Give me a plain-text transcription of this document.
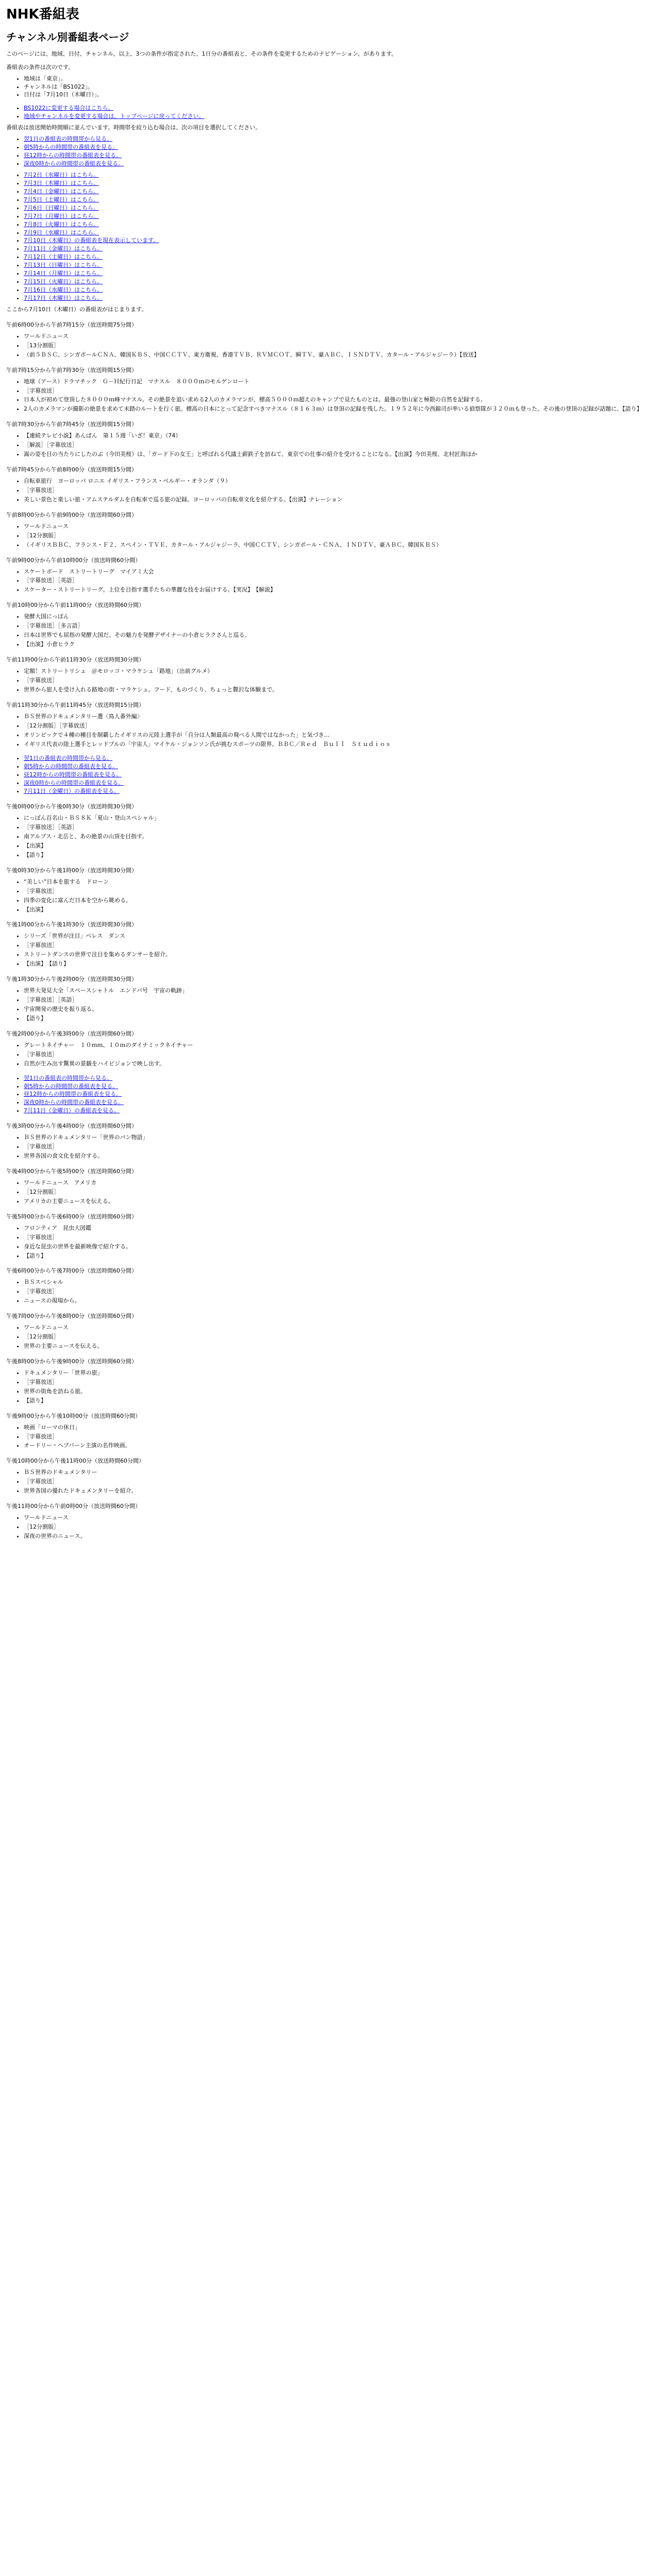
NHK番組表
チャンネル別番組表ページ

このページには、地域、日付、チャンネル、以上、3つの条件が指定された、1日分の番組表と、その条件を変更するためのナビゲーション、があります。

番組表の条件は次のです。

• 地域は「東京」。
• チャンネルは「BS1022」。
• 日付は「7月10日（木曜日）」。
• BS1022に変更する場合はこちら。
• 地域やチャンネルを変更する場合は、トップページに戻ってください。

番組表は放送開始時間順に並んでいます。時間帯を絞り込む場合は、次の項目を選択してください。

• 翌1日の番組表の時間帯から見る。
• 朝5時からの時間帯の番組表を見る。
• 昼12時からの時間帯の番組表を見る。
• 深夜0時からの時間帯の番組表を見る。
• 7月2日（水曜日）はこちら。
• 7月3日（木曜日）はこちら。
• 7月4日（金曜日）はこちら。
• 7月5日（土曜日）はこちら。
• 7月6日（日曜日）はこちら。
• 7月7日（月曜日）はこちら。
• 7月8日（火曜日）はこちら。
• 7月9日（水曜日）はこちら。
• 7月10日（木曜日）の番組表を現在表示しています。
• 7月11日（金曜日）はこちら。
• 7月12日（土曜日）はこちら。
• 7月13日（日曜日）はこちら。
• 7月14日（月曜日）はこちら。
• 7月15日（火曜日）はこちら。
• 7月16日（水曜日）はこちら。
• 7月17日（木曜日）はこちら。

ここから7月10日（木曜日）の番組表がはじまります。

午前6時00分から午前7時15分（放送時間75分間）

• ワールドニュース
• ［13分割版］
• （前５ＢＳＣ、シンガポールＣＮＡ、韓国ＫＢＳ、中国ＣＣＴＶ、東方衛視、香港ＴＶＢ、ＲＶＭＣＯＴ、瞬ＴＶ、豪ＡＢＣ、ＩＳＮＤＴＶ、カタール・アルジャジーラ）【放送】

午前7時15分から午前7時30分（放送時間15分間）

• 地球（アース）ドラマチック　Ｇ－Ｈ紀行日記　マナスル　８０００ｍのモルゲンロート
• ［字幕放送］
• 日本人が初めて登頂した８０００ｍ峰マナスル。その絶景を追い求める2人のカメラマンが、標高５０００ｍ超えのキャンプで見たものとは。最強の登山家と極限の自然を記録する。
• 2人のカメラマンが撮影の絶景を求めて未踏のルートを行く旅。標高の日本にとって記念すべきマナスル（８１６３ｍ）は登頂の記録を残した。１９５２年に今西錦司が率いる偵察隊が３２０ｍも登った。その後の登頂の記録が話題に。【語り】

午前7時30分から午前7時45分（放送時間15分間）

• 【連続テレビ小説】あんぱん　第１５週「いざ！東京」（74）
• ［解説］［字幕放送］
• 嵩の姿を目の当たりにしたのぶ（今田美桜）は、「ガード下の女王」と呼ばれる代議士薪鉄子を訪ねて、東京での仕事の紹介を受けることになる。【出演】今田美桜、北村匠海ほか

午前7時45分から午前8時00分（放送時間15分間）

• 自転車旅行　ヨーロッパ ロニエ イギリス・フランス・ベルギー・オランダ（９）
• ［字幕放送］
• 美しい景色と楽しい旅・アムステルダムを自転車で巡る旅の記録。ヨーロッパの自転車文化を紹介する。【出演】ナレーション

午前8時00分から午前9時00分（放送時間60分間）

• ワールドニュース
• ［12分割版］
• （イギリスＢＢＣ、フランス・Ｆ２、スペイン・ＴＶＥ、カタール・アルジャジーラ、中国ＣＣＴＶ、シンガポール・ＣＮＡ、ＩＮＤＴＶ、豪ＡＢＣ、韓国ＫＢＳ）

午前9時00分から午前10時00分（放送時間60分間）

• スケートボード　ストリートリーグ　マイアミ大会
• ［字幕放送］［英語］
• スケーター・ストリートリーグ。上位を目指す選手たちの華麗な技をお届けする。【実況】　【解説】

午前10時00分から午前11時00分（放送時間60分間）

• 発酵大国にっぽん
• ［字幕放送］［多言語］
• 日本は世界でも屈指の発酵大国だ。その魅力を発酵デザイナーの小倉ヒラクさんと巡る。
• 【出演】小倉ヒラク

午前11時00分から午前11時30分（放送時間30分間）

• 定額！ストリートリシュ　＠モロッコ・マラケシュ「路地」（出前グルメ）
• ［字幕放送］
• 世界から旅人を受け入れる路地の街・マラケシュ。フード、ものづくり、ちょっと贅沢な体験まで。

午前11時30分から午前11時45分（放送時間15分間）

• ＢＳ世界のドキュメンタリー選〈鳥人番外編〉
• ［12分割版］［字幕放送］
• オリンピックで４種の種目を制覇したイギリスの元陸上選手が「自分は人類最高の飛べる人間ではなかった」と気づき…
• イギリス代表の陸上選手とレッドブルの「宇宙人」マイケル・ジョンソン氏が挑むスポーツの限界。ＢＢＣ／Ｒｅｄ　Ｂｕｌｌ　Ｓｔｕｄｉｏｓ
• 翌1日の番組表の時間帯から見る。
• 朝5時からの時間帯の番組表を見る。
• 昼12時からの時間帯の番組表を見る。
• 深夜0時からの時間帯の番組表を見る。
• 7月11日（金曜日）の番組表を見る。

午後0時00分から午後0時30分（放送時間30分間）

• にっぽん百名山・ＢＳ８Ｋ「夏山・登山スペシャル」
• ［字幕放送］［英語］
• 南アルプス・北岳と、あの絶景の山頂を目指す。
• 【出演】
• 【語り】

午後0時30分から午後1時00分（放送時間30分間）

• “美しい”日本を旅する　ドローン
• ［字幕放送］
• 四季の変化に富んだ日本を空から眺める。
• 【出演】

午後1時00分から午後1時30分（放送時間30分間）

• シリーズ「世界が注目」ペレス　ダンス
• ［字幕放送］
• ストリートダンスの世界で注目を集めるダンサーを紹介。
• 【出演】　【語り】

午後1時30分から午後2時00分（放送時間30分間）

• 世界大発見大全「スペースシャトル　エンドバ号　宇宙の軌跡」
• ［字幕放送］［英語］
• 宇宙開発の歴史を振り返る。
• 【語り】

午後2時00分から午後3時00分（放送時間60分間）

• グレートネイチャー　１０ｍｍ、１０ｍのダイナミックネイチャー
• ［字幕放送］
• 自然が生み出す驚異の景観をハイビジョンで映し出す。
• 翌1日の番組表の時間帯から見る。
• 朝5時からの時間帯の番組表を見る。
• 昼12時からの時間帯の番組表を見る。
• 深夜0時からの時間帯の番組表を見る。
• 7月11日（金曜日）の番組表を見る。

午後3時00分から午後4時00分（放送時間60分間）

• ＢＳ世界のドキュメンタリー「世界のパン物語」
• ［字幕放送］
• 世界各国の食文化を紹介する。

午後4時00分から午後5時00分（放送時間60分間）

• ワールドニュース　アメリカ
• ［12分割版］
• アメリカの主要ニュースを伝える。

午後5時00分から午後6時00分（放送時間60分間）

• フロンティア　昆虫大図鑑
• ［字幕放送］
• 身近な昆虫の世界を最新映像で紹介する。
• 【語り】

午後6時00分から午後7時00分（放送時間60分間）

• ＢＳスペシャル
• ［字幕放送］
• ニュースの現場から。

午後7時00分から午後8時00分（放送時間60分間）

• ワールドニュース
• ［12分割版］
• 世界の主要ニュースを伝える。

午後8時00分から午後9時00分（放送時間60分間）

• ドキュメンタリー「世界の旅」
• ［字幕放送］
• 世界の街角を訪ねる旅。
• 【語り】

午後9時00分から午後10時00分（放送時間60分間）

• 映画「ローマの休日」
• ［字幕放送］
• オードリー・ヘプバーン主演の名作映画。

午後10時00分から午後11時00分（放送時間60分間）

• ＢＳ世界のドキュメンタリー
• ［字幕放送］
• 世界各国の優れたドキュメンタリーを紹介。

午後11時00分から午前0時00分（放送時間60分間）

• ワールドニュース
• ［12分割版］
• 深夜の世界のニュース。
